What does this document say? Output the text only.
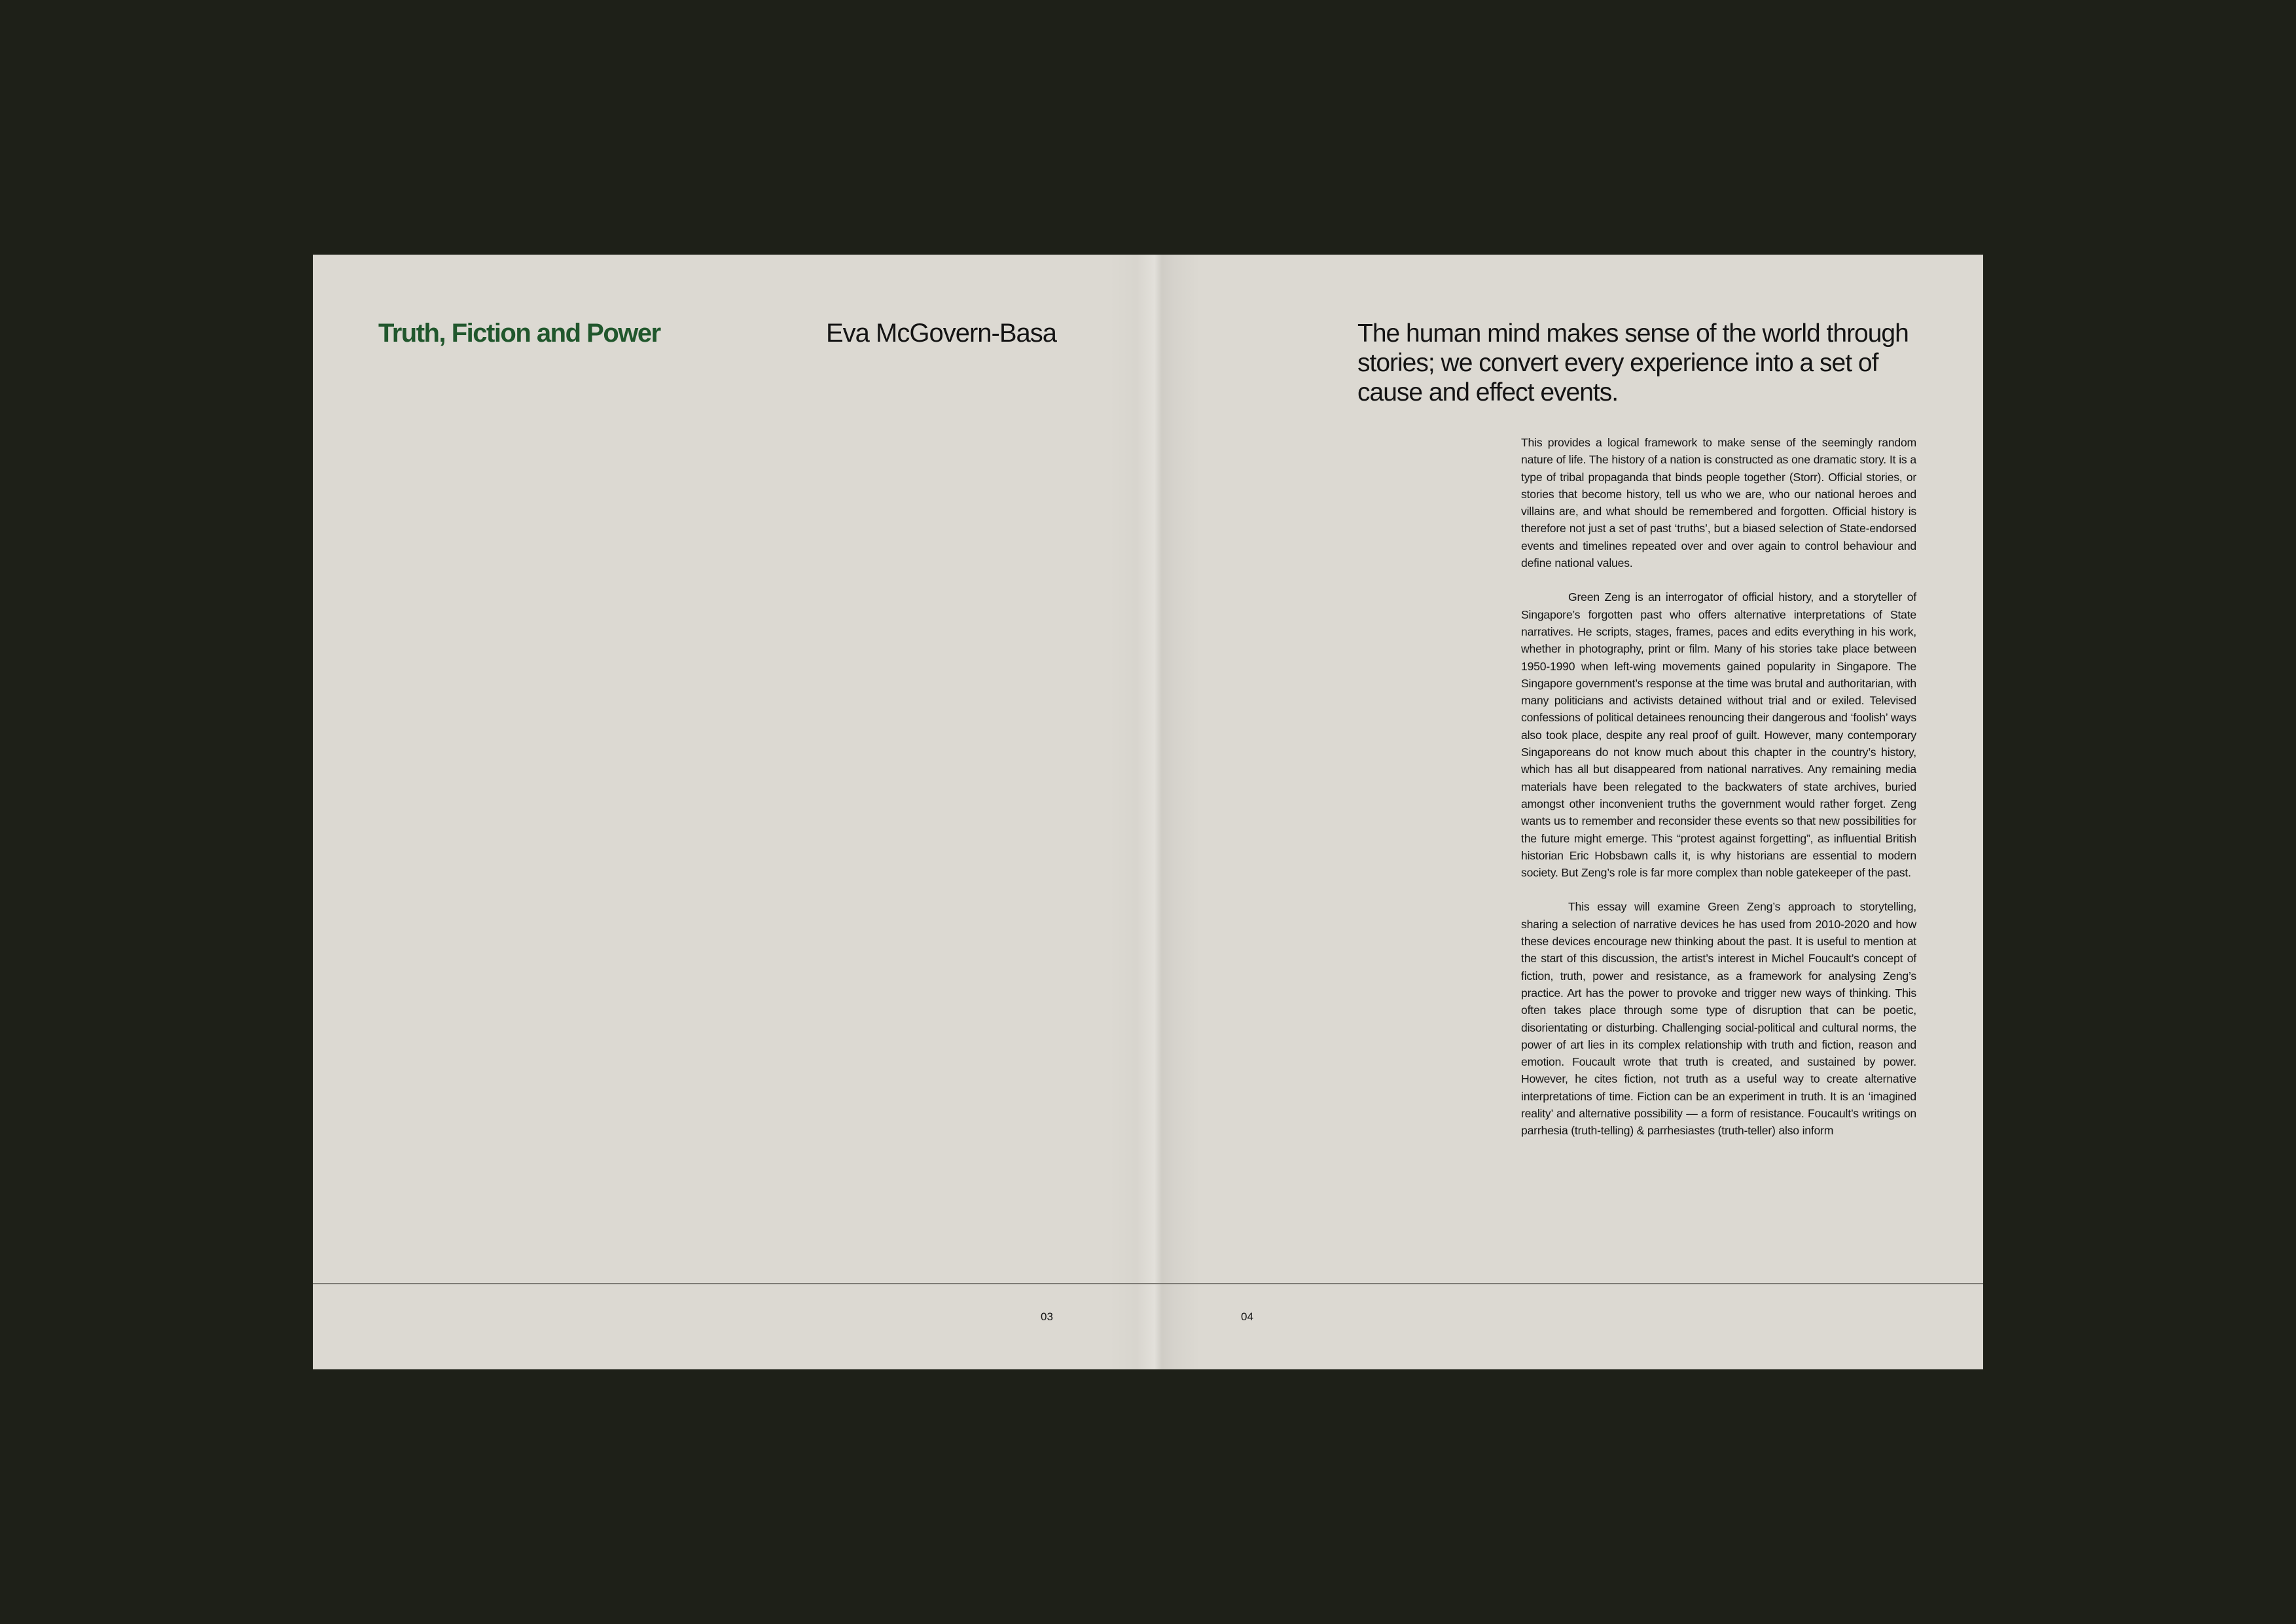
Truth, Fiction and Power	Eva McGovern-Basa	The human mind makes sense of the world through stories; we convert every experience into a set of cause and effect events.

This provides a logical framework to make sense of the seemingly random nature of life. The history of a nation is constructed as one dramatic story. It is a type of tribal propaganda that binds people together (Storr). Official stories, or stories that become history, tell us who we are, who our national heroes and villains are, and what should be remembered and forgotten. Official history is therefore not just a set of past ‘truths’, but a biased selection of State-endorsed events and timelines repeated over and over again to control behaviour and define national values.

Green Zeng is an interrogator of official history, and a storyteller of Singapore’s forgotten past who offers alternative interpretations of State narratives. He scripts, stages, frames, paces and edits everything in his work, whether in photography, print or film. Many of his stories take place between 1950-1990 when left-wing movements gained popularity in Singapore. The Singapore government’s response at the time was brutal and authoritarian, with many politicians and activists detained without trial and or exiled. Televised confessions of political detainees renouncing their dangerous and ‘foolish’ ways also took place, despite any real proof of guilt. However, many contemporary Singaporeans do not know much about this chapter in the country’s history, which has all but disappeared from national narratives. Any remaining media materials have been relegated to the backwaters of state archives, buried amongst other inconvenient truths the government would rather forget. Zeng wants us to remember and reconsider these events so that new possibilities for the future might emerge. This “protest against forgetting”, as influential British historian Eric Hobsbawn calls it, is why historians are essential to modern society. But Zeng’s role is far more complex than noble gatekeeper of the past.

This essay will examine Green Zeng’s approach to storytelling, sharing a selection of narrative devices he has used from 2010-2020 and how these devices encourage new thinking about the past. It is useful to mention at the start of this discussion, the artist’s interest in Michel Foucault’s concept of fiction, truth, power and resistance, as a framework for analysing Zeng’s practice. Art has the power to provoke and trigger new ways of thinking. This often takes place through some type of disruption that can be poetic, disorientating or disturbing. Challenging social-political and cultural norms, the power of art lies in its complex relationship with truth and fiction, reason and emotion. Foucault wrote that truth is created, and sustained by power. However, he cites fiction, not truth as a useful way to create alternative interpretations of time. Fiction can be an experiment in truth. It is an ‘imagined reality’ and alternative possibility — a form of resistance. Foucault’s writings on parrhesia (truth-telling) & parrhesiastes (truth-teller) also inform

03	04
